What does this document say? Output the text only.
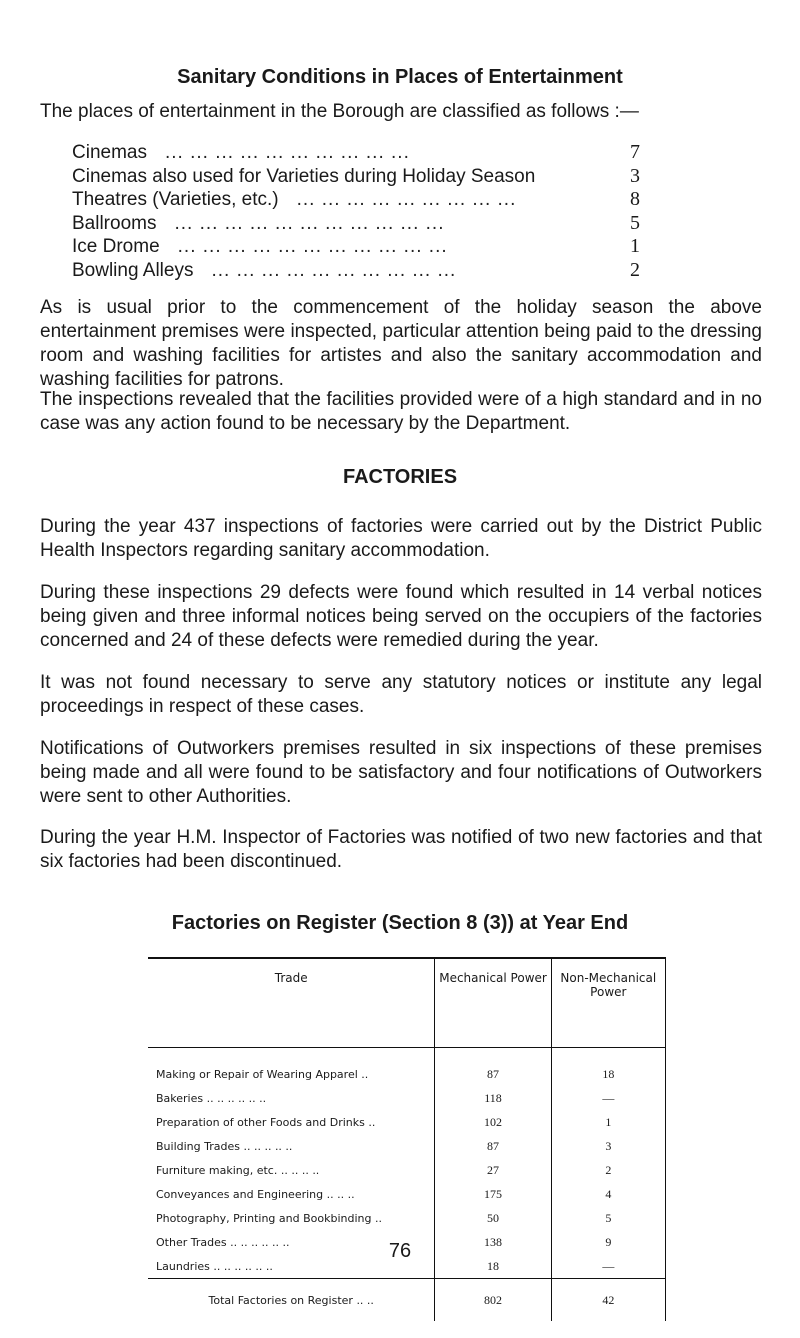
Sanitary Conditions in Places of Entertainment
The places of entertainment in the Borough are classified as follows :—
Cinemas ... ... ... ... ... ... ... ... ... ...	7
Cinemas also used for Varieties during Holiday Season	3
Theatres (Varieties, etc.) ... ... ... ... ... ... ... ... ...	8
Ballrooms ... ... ... ... ... ... ... ... ... ... ...	5
Ice Drome ... ... ... ... ... ... ... ... ... ... ...	1
Bowling Alleys ... ... ... ... ... ... ... ... ... ...	2
As is usual prior to the commencement of the holiday season the above entertainment premises were inspected, particular attention being paid to the dressing room and washing facilities for artistes and also the sanitary accommodation and washing facilities for patrons.
The inspections revealed that the facilities provided were of a high standard and in no case was any action found to be necessary by the Department.
FACTORIES
During the year 437 inspections of factories were carried out by the District Public Health Inspectors regarding sanitary accommodation.
During these inspections 29 defects were found which resulted in 14 verbal notices being given and three informal notices being served on the occupiers of the factories concerned and 24 of these defects were remedied during the year.
It was not found necessary to serve any statutory notices or institute any legal proceedings in respect of these cases.
Notifications of Outworkers premises resulted in six inspections of these premises being made and all were found to be satisfactory and four notifications of Outworkers were sent to other Authorities.
During the year H.M. Inspector of Factories was notified of two new factories and that six factories had been discontinued.
Factories on Register (Section 8 (3)) at Year End
Trade	Mechanical Power	Non-Mechanical Power
Making or Repair of Wearing Apparel ..	87	18
Bakeries .. .. .. .. .. ..	118	—
Preparation of other Foods and Drinks ..	102	1
Building Trades .. .. .. .. ..	87	3
Furniture making, etc. .. .. .. ..	27	2
Conveyances and Engineering .. .. ..	175	4
Photography, Printing and Bookbinding ..	50	5
Other Trades .. .. .. .. .. ..	138	9
Laundries .. .. .. .. .. ..	18	—
Total Factories on Register .. ..	802	42
76
